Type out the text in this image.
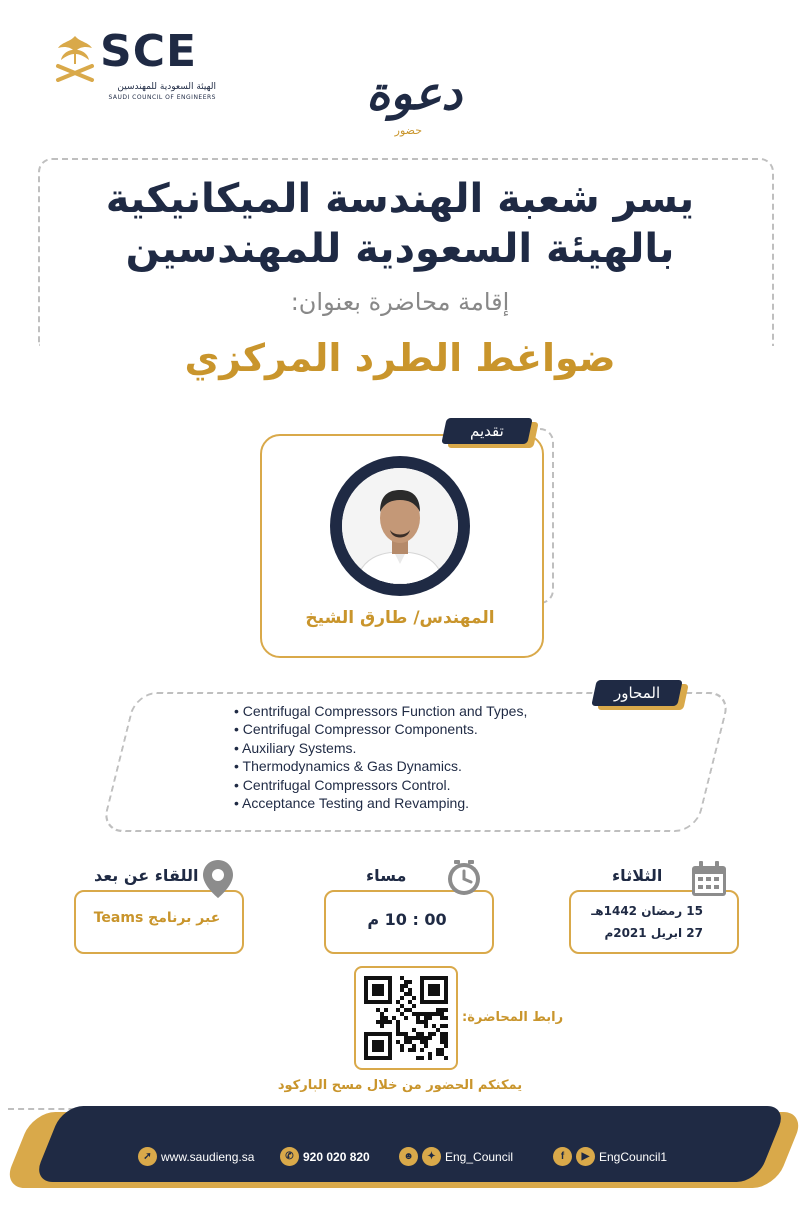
SCE
الهيئة السعودية للمهندسين
SAUDI COUNCIL OF ENGINEERS	دعوة
حضور
يسر شعبة الهندسة الميكانيكية
بالهيئة السعودية للمهندسين
إقامة محاضرة بعنوان:
ضواغط الطرد المركزي
تقديم
المهندس/ طارق الشيخ
المحاور
• Centrifugal Compressors Function and Types,
• Centrifugal Compressor Components.
• Auxiliary Systems.
• Thermodynamics & Gas Dynamics.
• Centrifugal Compressors Control.
• Acceptance Testing and Revamping.
اللقاء عن بعد
عبر برنامج Teams
مساء
00 : 10 م
الثلاثاء
15 رمضان 1442هـ
27 ابريل 2021م
رابط المحاضرة:
يمكنكم الحضور من خلال مسح الباركود
➚ www.saudieng.sa	✆ 920 020 820	☻	✦ Eng_Council	f	▶ EngCouncil1
